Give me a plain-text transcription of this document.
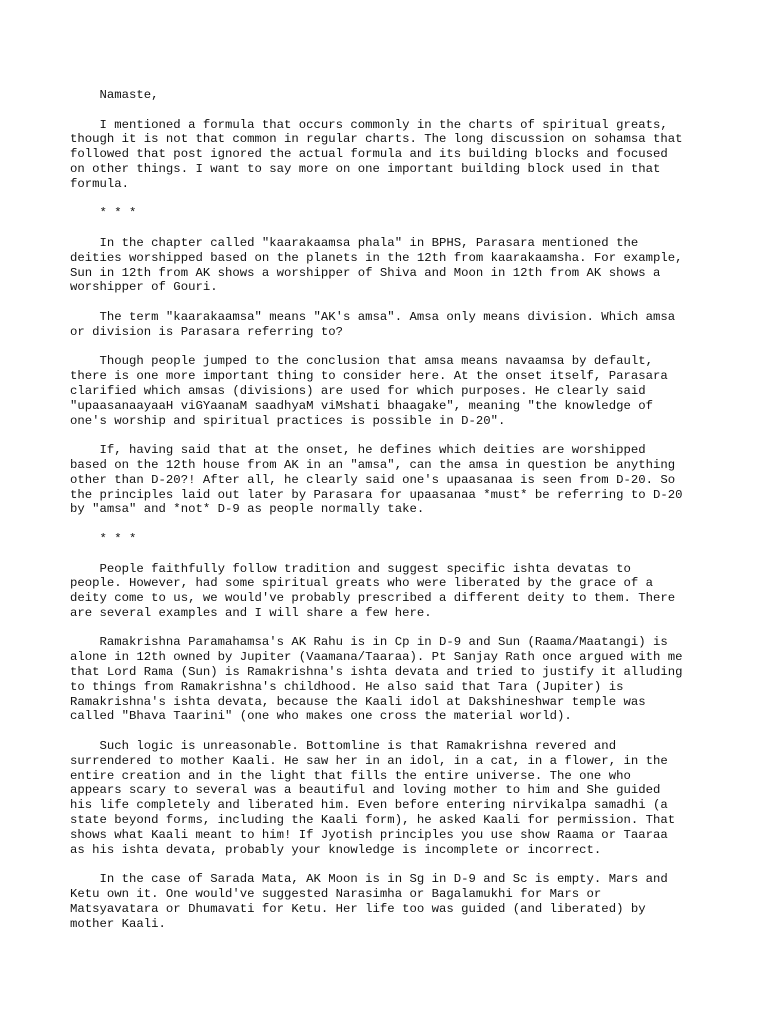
Namaste,

I mentioned a formula that occurs commonly in the charts of spiritual greats,
though it is not that common in regular charts. The long discussion on sohamsa that
followed that post ignored the actual formula and its building blocks and focused
on other things. I want to say more on one important building block used in that
formula.

* * *

In the chapter called "kaarakaamsa phala" in BPHS, Parasara mentioned the
deities worshipped based on the planets in the 12th from kaarakaamsha. For example,
Sun in 12th from AK shows a worshipper of Shiva and Moon in 12th from AK shows a
worshipper of Gouri.

The term "kaarakaamsa" means "AK's amsa". Amsa only means division. Which amsa
or division is Parasara referring to?

Though people jumped to the conclusion that amsa means navaamsa by default,
there is one more important thing to consider here. At the onset itself, Parasara
clarified which amsas (divisions) are used for which purposes. He clearly said
"upaasanaayaaH viGYaanaM saadhyaM viMshati bhaagake", meaning "the knowledge of
one's worship and spiritual practices is possible in D-20".

If, having said that at the onset, he defines which deities are worshipped
based on the 12th house from AK in an "amsa", can the amsa in question be anything
other than D-20?! After all, he clearly said one's upaasanaa is seen from D-20. So
the principles laid out later by Parasara for upaasanaa *must* be referring to D-20
by "amsa" and *not* D-9 as people normally take.

* * *

People faithfully follow tradition and suggest specific ishta devatas to
people. However, had some spiritual greats who were liberated by the grace of a
deity come to us, we would've probably prescribed a different deity to them. There
are several examples and I will share a few here.

Ramakrishna Paramahamsa's AK Rahu is in Cp in D-9 and Sun (Raama/Maatangi) is
alone in 12th owned by Jupiter (Vaamana/Taaraa). Pt Sanjay Rath once argued with me
that Lord Rama (Sun) is Ramakrishna's ishta devata and tried to justify it alluding
to things from Ramakrishna's childhood. He also said that Tara (Jupiter) is
Ramakrishna's ishta devata, because the Kaali idol at Dakshineshwar temple was
called "Bhava Taarini" (one who makes one cross the material world).

Such logic is unreasonable. Bottomline is that Ramakrishna revered and
surrendered to mother Kaali. He saw her in an idol, in a cat, in a flower, in the
entire creation and in the light that fills the entire universe. The one who
appears scary to several was a beautiful and loving mother to him and She guided
his life completely and liberated him. Even before entering nirvikalpa samadhi (a
state beyond forms, including the Kaali form), he asked Kaali for permission. That
shows what Kaali meant to him! If Jyotish principles you use show Raama or Taaraa
as his ishta devata, probably your knowledge is incomplete or incorrect.

In the case of Sarada Mata, AK Moon is in Sg in D-9 and Sc is empty. Mars and
Ketu own it. One would've suggested Narasimha or Bagalamukhi for Mars or
Matsyavatara or Dhumavati for Ketu. Her life too was guided (and liberated) by
mother Kaali.
